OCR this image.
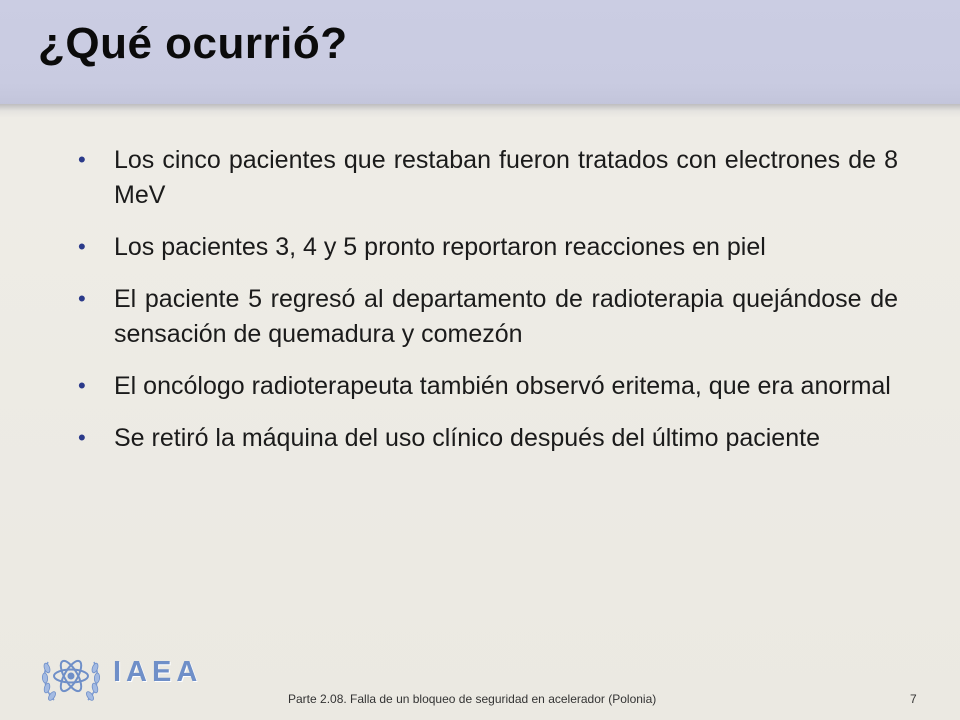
¿Qué ocurrió?
• Los cinco pacientes que restaban fueron tratados con electrones de 8 MeV
• Los pacientes 3, 4 y 5 pronto reportaron reacciones en piel
• El paciente 5 regresó al departamento de radioterapia quejándose de sensación de quemadura y comezón
• El oncólogo radioterapeuta también observó eritema, que era anormal
• Se retiró la máquina del uso clínico después del último paciente
IAEA
Parte 2.08. Falla de un bloqueo de seguridad en acelerador (Polonia)	7
